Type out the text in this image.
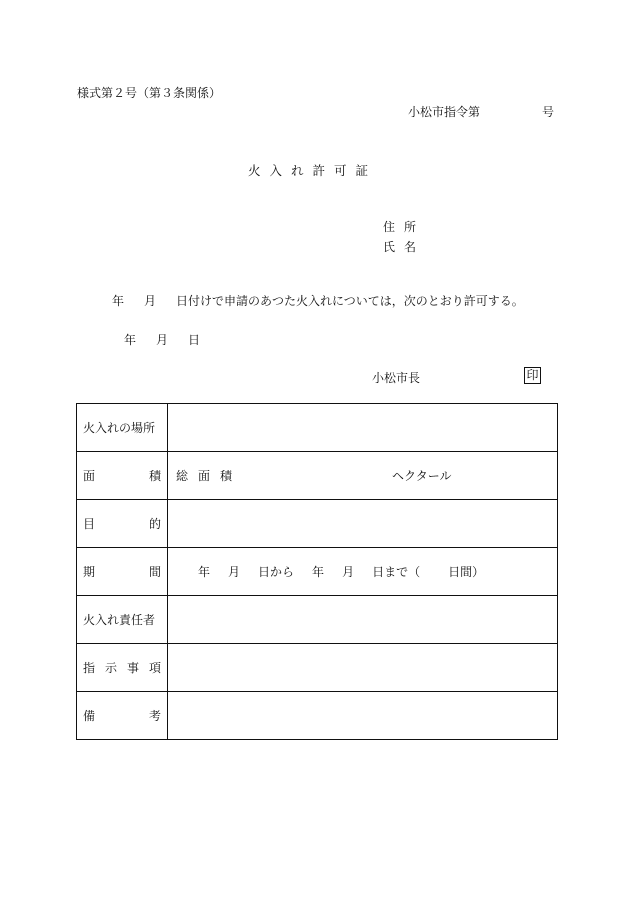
様式第２号（第３条関係）
小松市指令第	号
火入れ許可証
住所
氏名
年 月 日付けで申請のあつた火入れについては，次のとおり許可する。
年 月 日
小松市長	印
火入れの場所	

面 積	総面積 ヘクタール

目 的	

期 間	年 月 日から 年 月 日まで（ 日間）

火入れ責任者	

指 示 事 項	

備 考	
